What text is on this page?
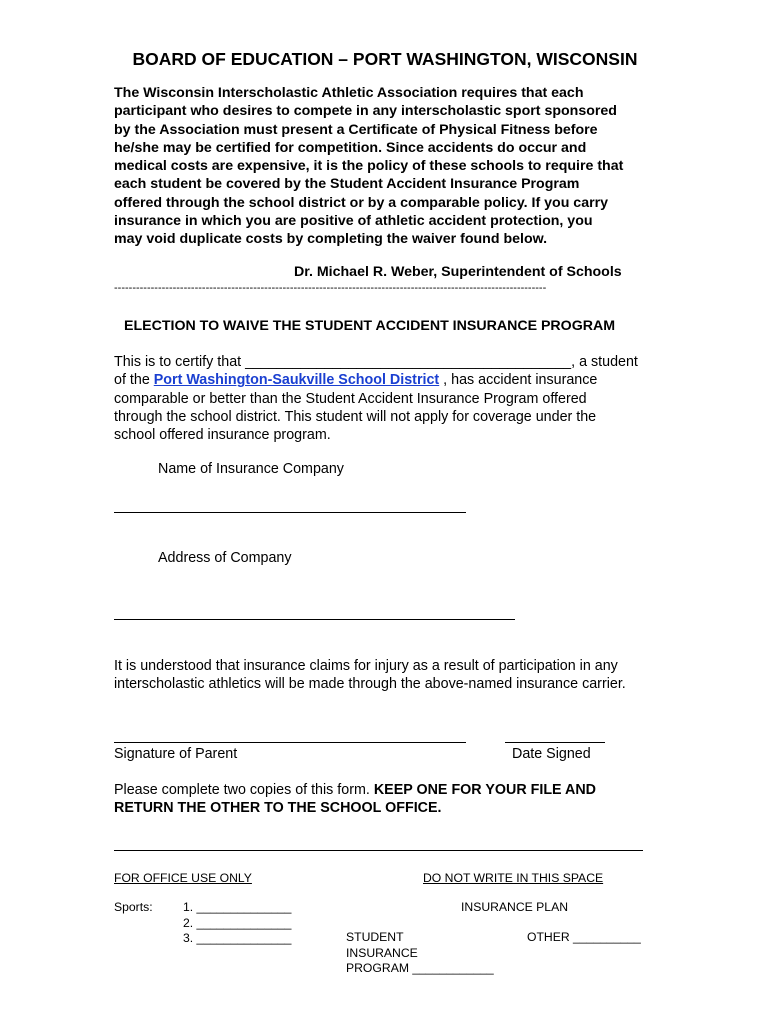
BOARD OF EDUCATION – PORT WASHINGTON, WISCONSIN
The Wisconsin Interscholastic Athletic Association requires that each
participant who desires to compete in any interscholastic sport sponsored
by the Association must present a Certificate of Physical Fitness before
he/she may be certified for competition. Since accidents do occur and
medical costs are expensive, it is the policy of these schools to require that
each student be covered by the Student Accident Insurance Program
offered through the school district or by a comparable policy. If you carry
insurance in which you are positive of athletic accident protection, you
may void duplicate costs by completing the waiver found below.
Dr. Michael R. Weber, Superintendent of Schools
----------------------------------------------------------------------------------------------------------------------
ELECTION TO WAIVE THE STUDENT ACCIDENT INSURANCE PROGRAM
This is to certify that _________________________________________, a student
of the Port Washington-Saukville School District , has accident insurance
comparable or better than the Student Accident Insurance Program offered
through the school district. This student will not apply for coverage under the
school offered insurance program.
Name of Insurance Company
Address of Company
It is understood that insurance claims for injury as a result of participation in any
interscholastic athletics will be made through the above-named insurance carrier.
Signature of Parent	Date Signed
Please complete two copies of this form. KEEP ONE FOR YOUR FILE AND
RETURN THE OTHER TO THE SCHOOL OFFICE.
FOR OFFICE USE ONLY	DO NOT WRITE IN THIS SPACE
Sports: 1. ______________
2. ______________
3. ______________
INSURANCE PLAN
STUDENT
INSURANCE
PROGRAM ____________
OTHER __________
